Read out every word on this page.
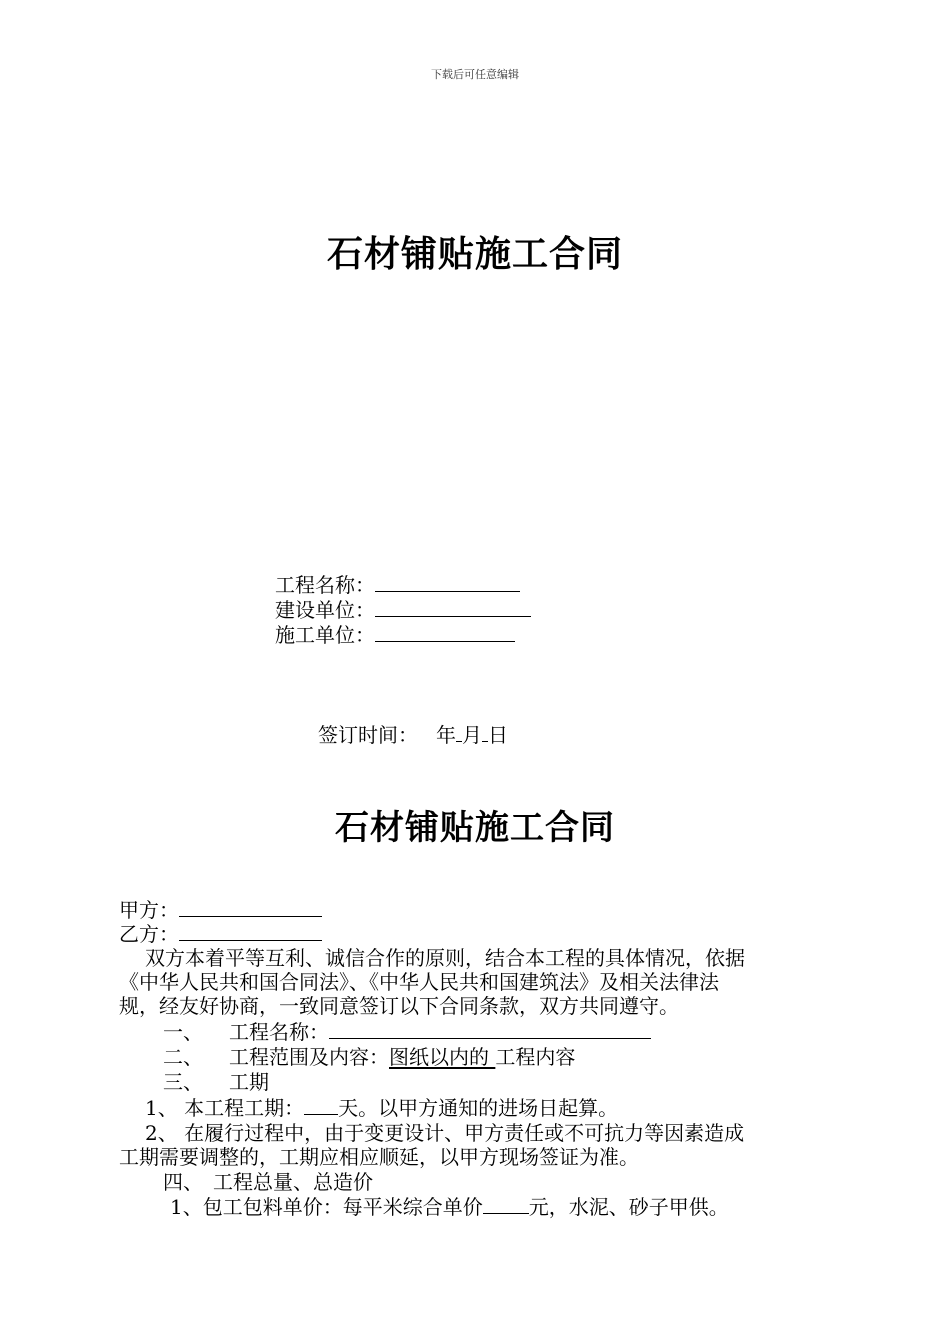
下载后可任意编辑
石材铺贴施工合同
工程名称：
建设单位：
施工单位：
签订时间： 年 月 日
石材铺贴施工合同
甲方：
乙方：
双方本着平等互利、诚信合作的原则，结合本工程的具体情况，依据
《中华人民共和国合同法》、《中华人民共和国建筑法》及相关法律法
规，经友好协商，一致同意签订以下合同条款，双方共同遵守。
一、 工程名称：
二、 工程范围及内容：图纸以内的 工程内容
三、 工期
1、 本工程工期： 天。以甲方通知的进场日起算。
2、 在履行过程中，由于变更设计、甲方责任或不可抗力等因素造成
工期需要调整的，工期应相应顺延，以甲方现场签证为准。
四、 工程总量、总造价
1、包工包料单价：每平米综合单价 元，水泥、砂子甲供。
